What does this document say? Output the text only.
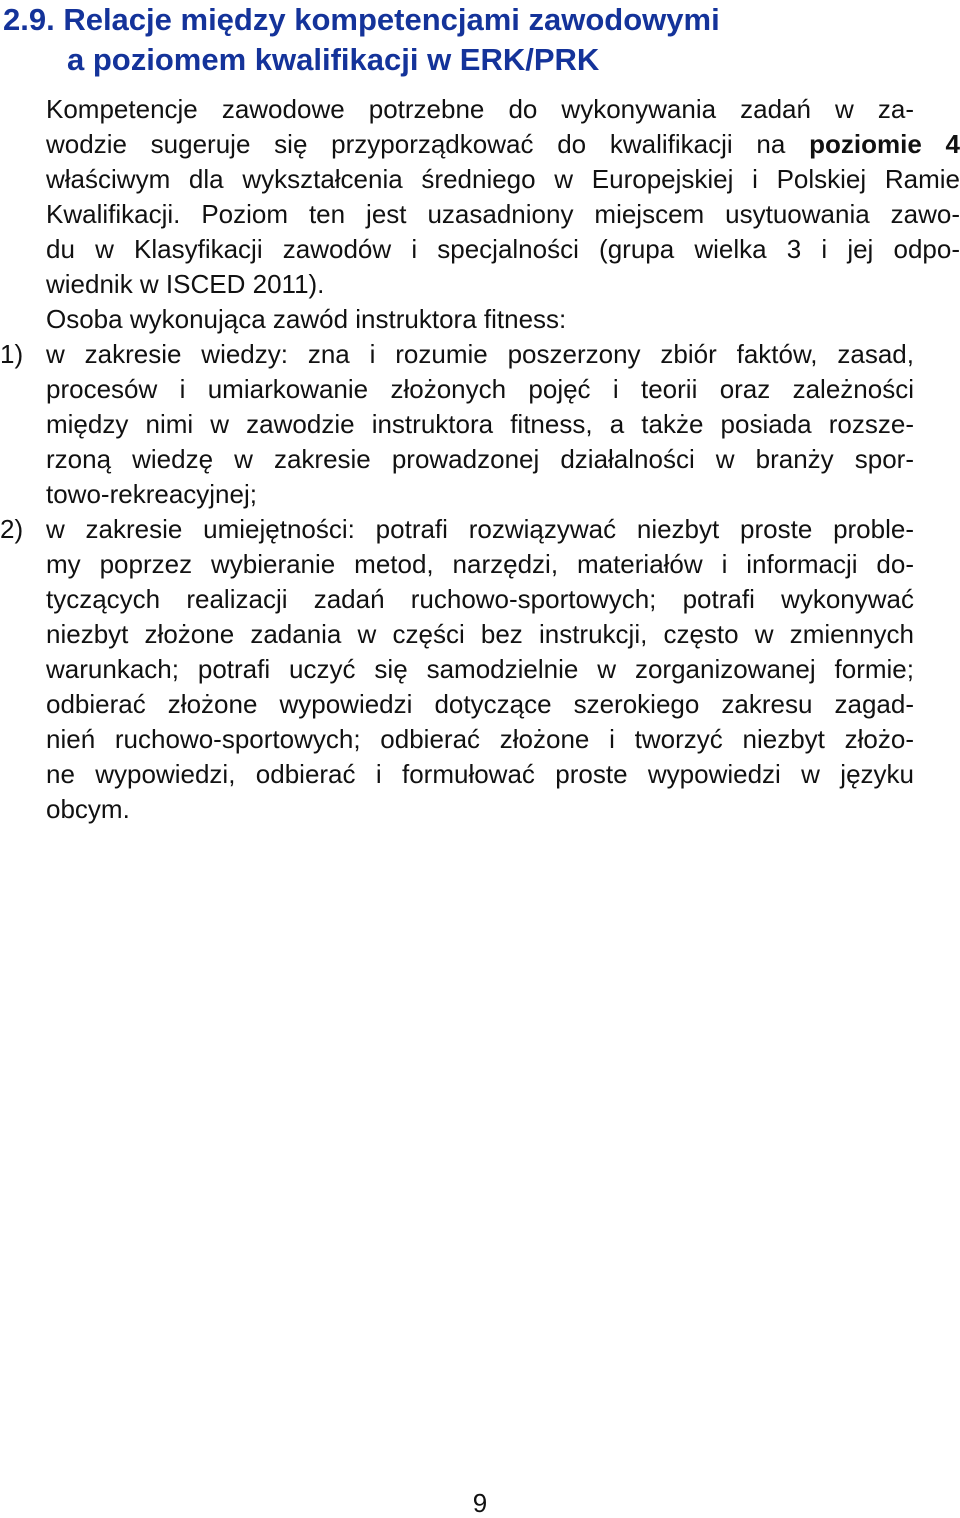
2.9. Relacje między kompetencjami zawodowymi
a poziomem kwalifikacji w ERK/PRK
Kompetencje zawodowe potrzebne do wykonywania zadań w za-
wodzie sugeruje się przyporządkować do kwalifikacji na poziomie 4
właściwym dla wykształcenia średniego w Europejskiej i Polskiej Ramie
Kwalifikacji. Poziom ten jest uzasadniony miejscem usytuowania zawo-
du w Klasyfikacji zawodów i specjalności (grupa wielka 3 i jej odpo-
wiednik w ISCED 2011).
Osoba wykonująca zawód instruktora fitness:
1) w zakresie wiedzy: zna i rozumie poszerzony zbiór faktów, zasad,
procesów i umiarkowanie złożonych pojęć i teorii oraz zależności
między nimi w zawodzie instruktora fitness, a także posiada rozsze-
rzoną wiedzę w zakresie prowadzonej działalności w branży spor-
towo-rekreacyjnej;
2) w zakresie umiejętności: potrafi rozwiązywać niezbyt proste proble-
my poprzez wybieranie metod, narzędzi, materiałów i informacji do-
tyczących realizacji zadań ruchowo-sportowych; potrafi wykonywać
niezbyt złożone zadania w części bez instrukcji, często w zmiennych
warunkach; potrafi uczyć się samodzielnie w zorganizowanej formie;
odbierać złożone wypowiedzi dotyczące szerokiego zakresu zagad-
nień ruchowo-sportowych; odbierać złożone i tworzyć niezbyt złożo-
ne wypowiedzi, odbierać i formułować proste wypowiedzi w języku
obcym.
9
